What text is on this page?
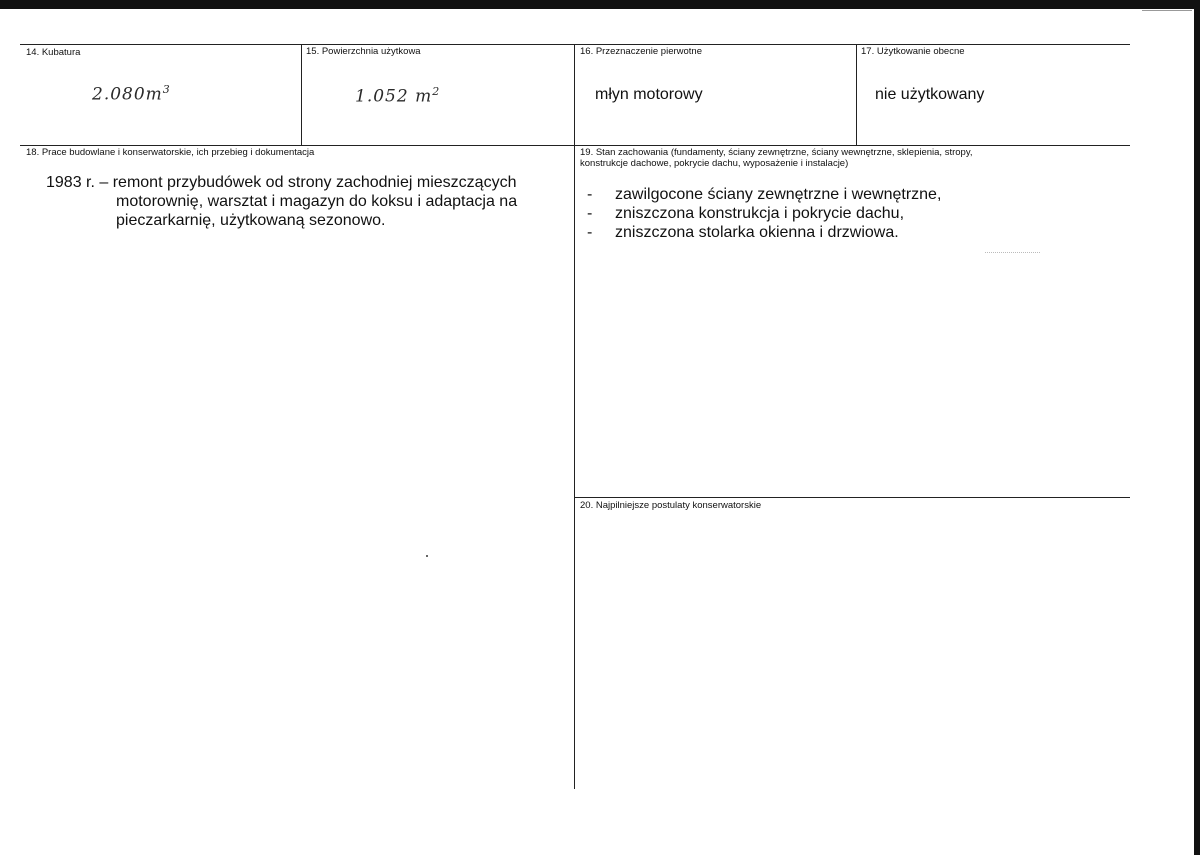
14. Kubatura
$2.080m^3$
15. Powierzchnia użytkowa
1.052 $m^2$
16. Przeznaczenie pierwotne
młyn motorowy
17. Użytkowanie obecne
nie użytkowany
18. Prace budowlane i konserwatorskie, ich przebieg i dokumentacja
1983 r. – remont przybudówek od strony zachodniej mieszczących
motorownię, warsztat i magazyn do koksu i adaptacja na
pieczarkarnię, użytkowaną sezonowo.
19. Stan zachowania (fundamenty, ściany zewnętrzne, ściany wewnętrzne, sklepienia, stropy,
konstrukcje dachowe, pokrycie dachu, wyposażenie i instalacje)
- zawilgocone ściany zewnętrzne i wewnętrzne,
- zniszczona konstrukcja i pokrycie dachu,
- zniszczona stolarka okienna i drzwiowa.
20. Najpilniejsze postulaty konserwatorskie
